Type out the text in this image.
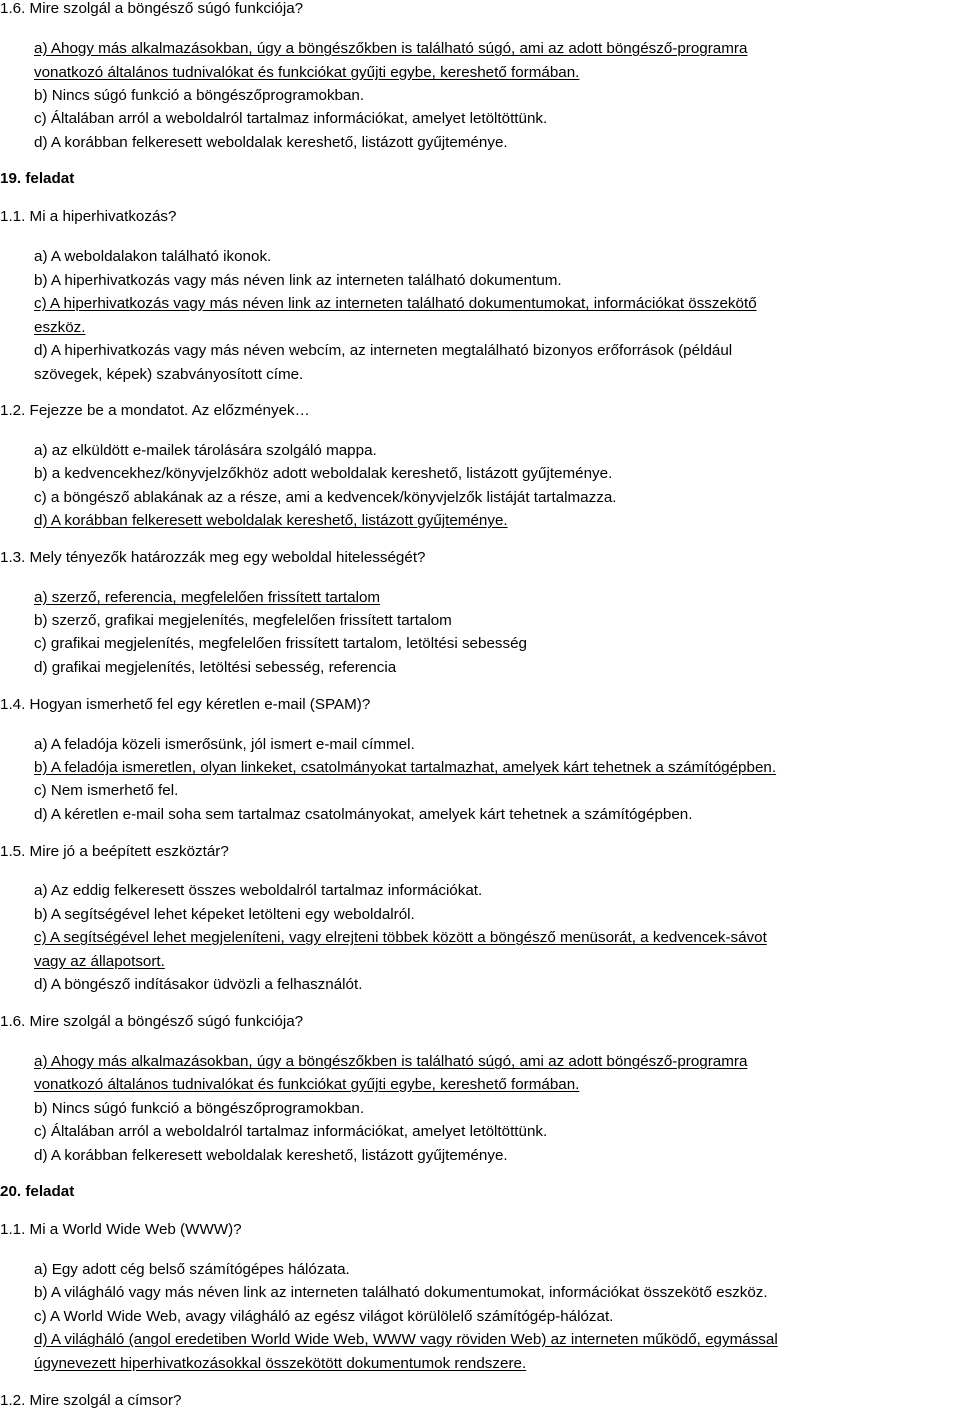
1.6. Mire szolgál a böngésző súgó funkciója?
a) Ahogy más alkalmazásokban, úgy a böngészőkben is található súgó, ami az adott böngésző-programra
vonatkozó általános tudnivalókat és funkciókat gyűjti egybe, kereshető formában.
b) Nincs súgó funkció a böngészőprogramokban.
c) Általában arról a weboldalról tartalmaz információkat, amelyet letöltöttünk.
d) A korábban felkeresett weboldalak kereshető, listázott gyűjteménye.
19. feladat
1.1. Mi a hiperhivatkozás?
a) A weboldalakon található ikonok.
b) A hiperhivatkozás vagy más néven link az interneten található dokumentum.
c) A hiperhivatkozás vagy más néven link az interneten található dokumentumokat, információkat összekötő
eszköz.
d) A hiperhivatkozás vagy más néven webcím, az interneten megtalálható bizonyos erőforrások (például
szövegek, képek) szabványosított címe.
1.2. Fejezze be a mondatot. Az előzmények…
a) az elküldött e-mailek tárolására szolgáló mappa.
b) a kedvencekhez/könyvjelzőkhöz adott weboldalak kereshető, listázott gyűjteménye.
c) a böngésző ablakának az a része, ami a kedvencek/könyvjelzők listáját tartalmazza.
d) A korábban felkeresett weboldalak kereshető, listázott gyűjteménye.
1.3. Mely tényezők határozzák meg egy weboldal hitelességét?
a) szerző, referencia, megfelelően frissített tartalom
b) szerző, grafikai megjelenítés, megfelelően frissített tartalom
c) grafikai megjelenítés, megfelelően frissített tartalom, letöltési sebesség
d) grafikai megjelenítés, letöltési sebesség, referencia
1.4. Hogyan ismerhető fel egy kéretlen e-mail (SPAM)?
a) A feladója közeli ismerősünk, jól ismert e-mail címmel.
b) A feladója ismeretlen, olyan linkeket, csatolmányokat tartalmazhat, amelyek kárt tehetnek a számítógépben.
c) Nem ismerhető fel.
d) A kéretlen e-mail soha sem tartalmaz csatolmányokat, amelyek kárt tehetnek a számítógépben.
1.5. Mire jó a beépített eszköztár?
a) Az eddig felkeresett összes weboldalról tartalmaz információkat.
b) A segítségével lehet képeket letölteni egy weboldalról.
c) A segítségével lehet megjeleníteni, vagy elrejteni többek között a böngésző menüsorát, a kedvencek-sávot
vagy az állapotsort.
d) A böngésző indításakor üdvözli a felhasználót.
1.6. Mire szolgál a böngésző súgó funkciója?
a) Ahogy más alkalmazásokban, úgy a böngészőkben is található súgó, ami az adott böngésző-programra
vonatkozó általános tudnivalókat és funkciókat gyűjti egybe, kereshető formában.
b) Nincs súgó funkció a böngészőprogramokban.
c) Általában arról a weboldalról tartalmaz információkat, amelyet letöltöttünk.
d) A korábban felkeresett weboldalak kereshető, listázott gyűjteménye.
20. feladat
1.1. Mi a World Wide Web (WWW)?
a) Egy adott cég belső számítógépes hálózata.
b) A világháló vagy más néven link az interneten található dokumentumokat, információkat összekötő eszköz.
c) A World Wide Web, avagy világháló az egész világot körülölelő számítógép-hálózat.
d) A világháló (angol eredetiben World Wide Web, WWW vagy röviden Web) az interneten működő, egymással
úgynevezett hiperhivatkozásokkal összekötött dokumentumok rendszere.
1.2. Mire szolgál a címsor?
